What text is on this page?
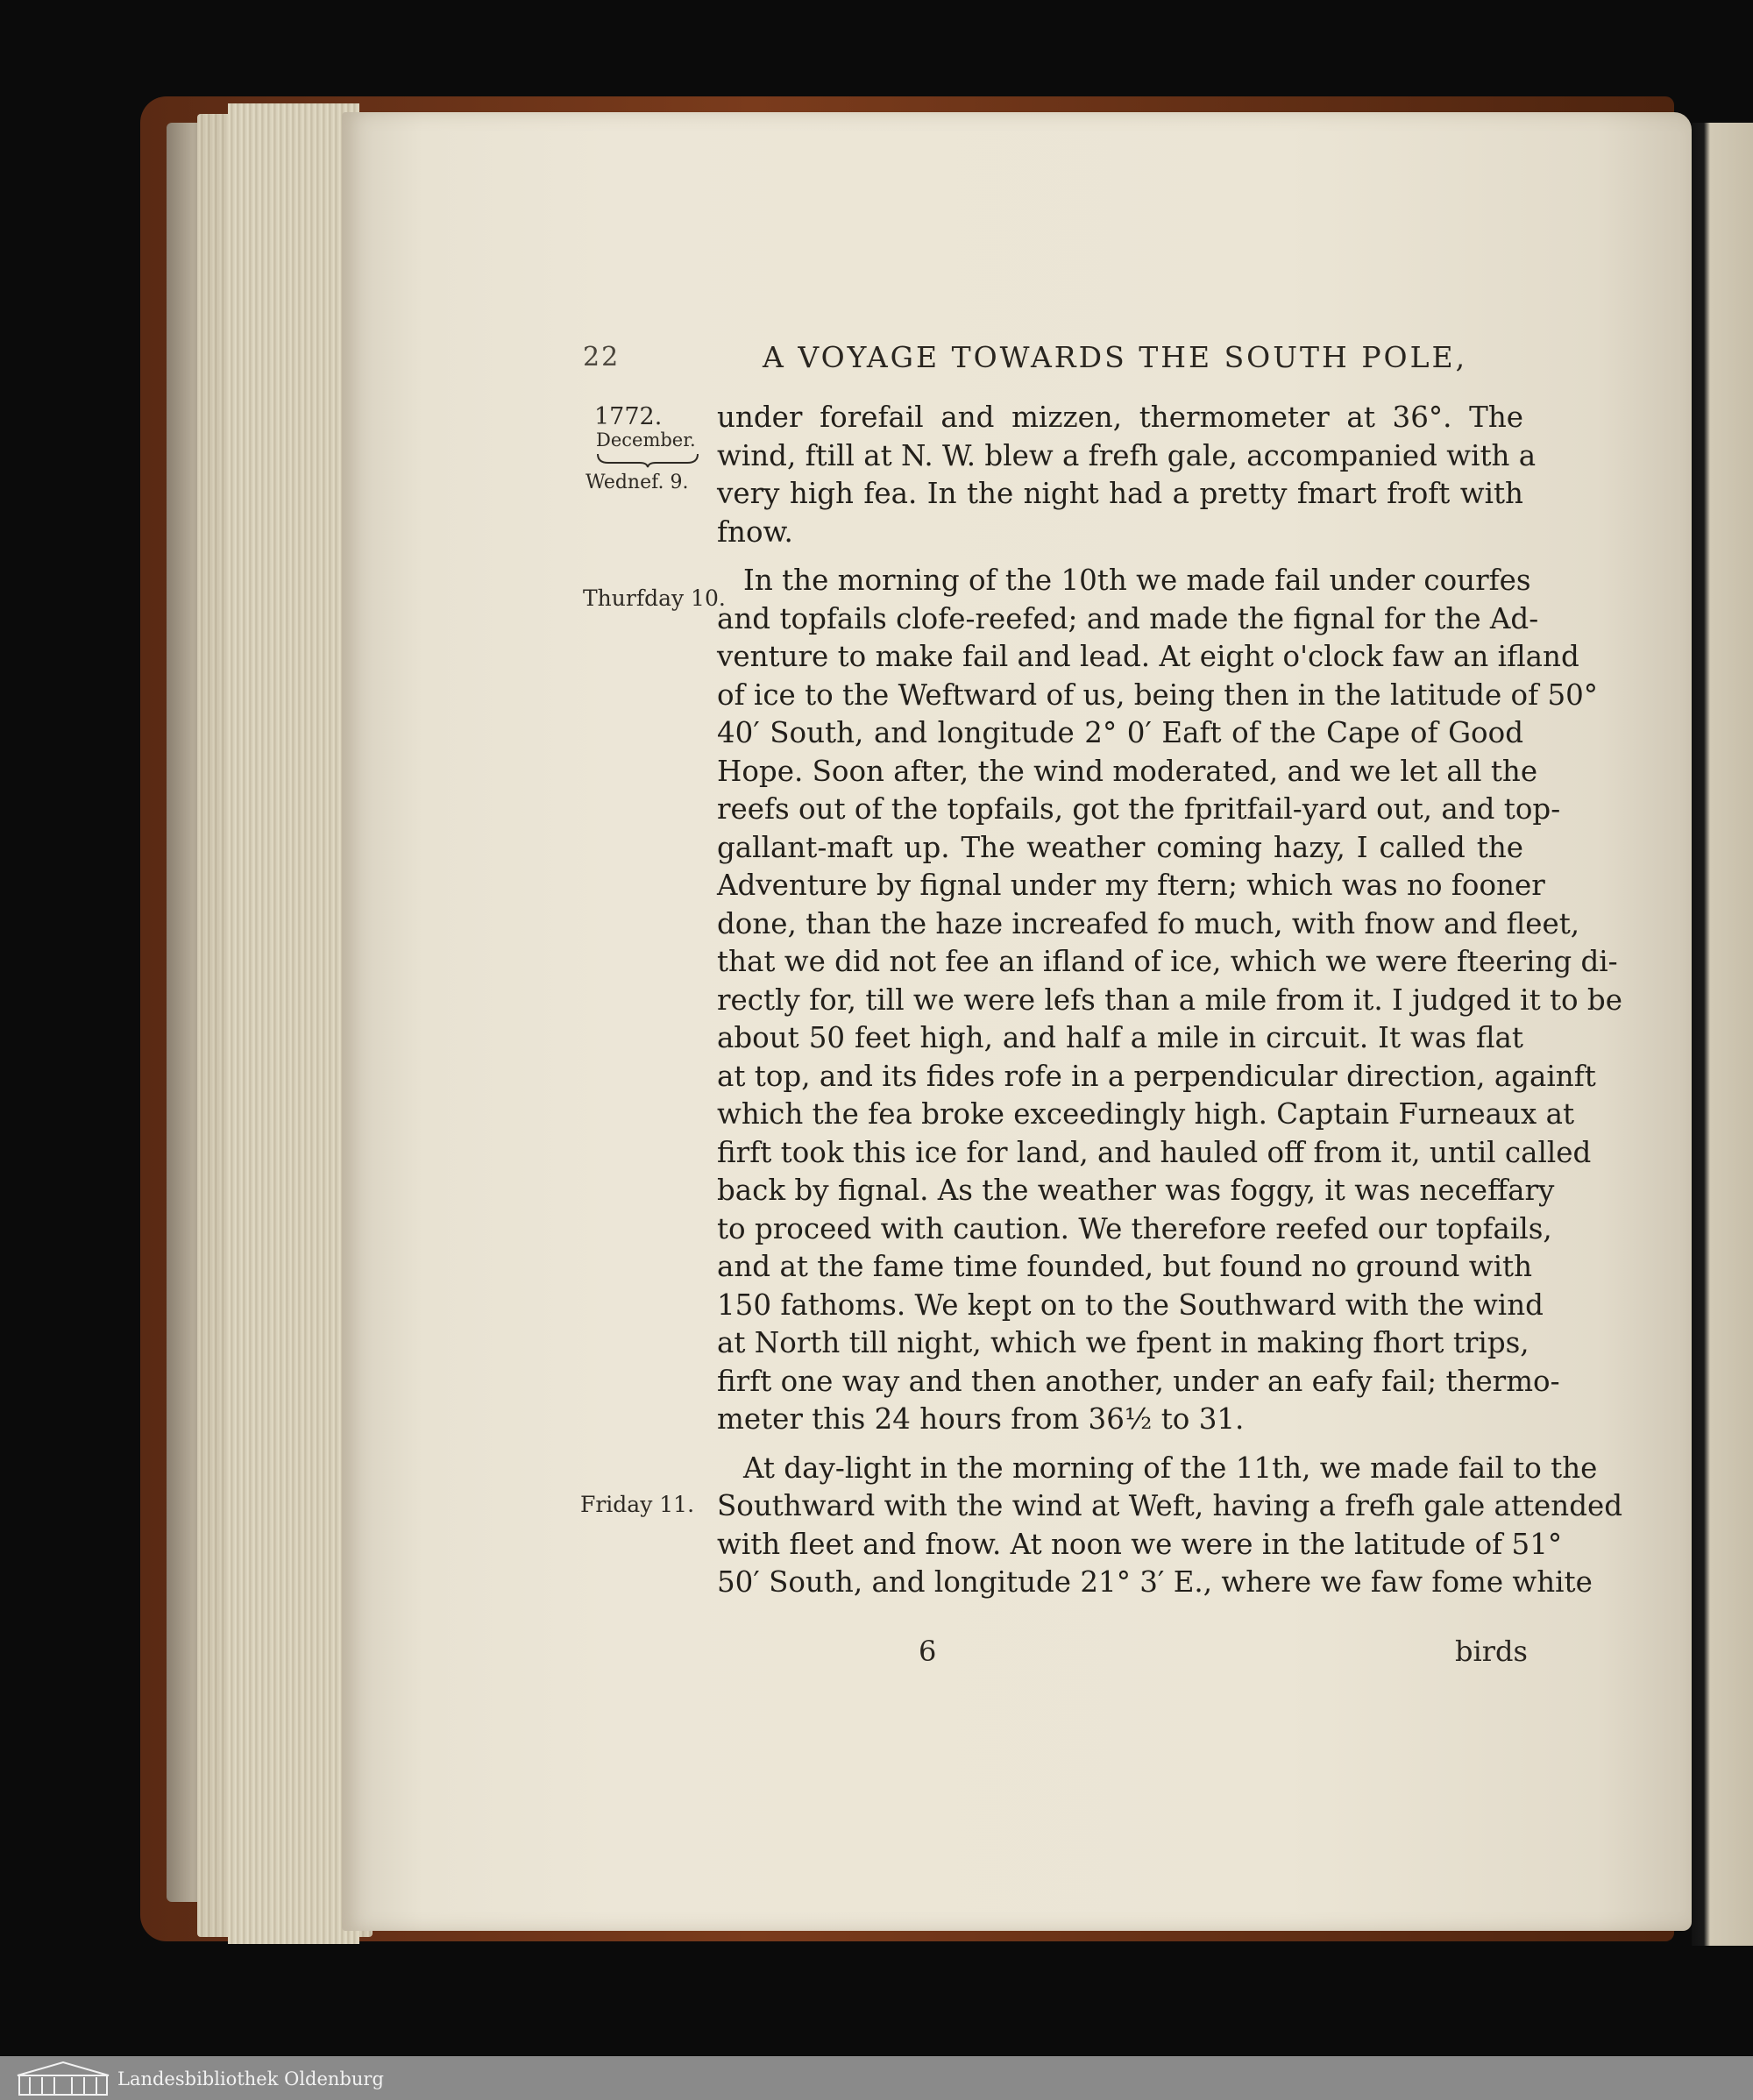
22	A VOYAGE TOWARDS THE SOUTH POLE,
1772.
December.
Wednef. 9.
Thurfday 10.
Friday 11.
under forefail and mizzen, thermometer at 36°. The
wind, ftill at N. W. blew a frefh gale, accompanied with a
very high fea. In the night had a pretty fmart froft with
fnow.
In the morning of the 10th we made fail under courfes
and topfails clofe-reefed; and made the fignal for the Ad-
venture to make fail and lead. At eight o'clock faw an ifland
of ice to the Weftward of us, being then in the latitude of 50°
40′ South, and longitude 2° 0′ Eaft of the Cape of Good
Hope. Soon after, the wind moderated, and we let all the
reefs out of the topfails, got the fpritfail-yard out, and top-
gallant-maft up. The weather coming hazy, I called the
Adventure by fignal under my ftern; which was no fooner
done, than the haze increafed fo much, with fnow and fleet,
that we did not fee an ifland of ice, which we were fteering di-
rectly for, till we were lefs than a mile from it. I judged it to be
about 50 feet high, and half a mile in circuit. It was flat
at top, and its fides rofe in a perpendicular direction, againft
which the fea broke exceedingly high. Captain Furneaux at
firft took this ice for land, and hauled off from it, until called
back by fignal. As the weather was foggy, it was neceffary
to proceed with caution. We therefore reefed our topfails,
and at the fame time founded, but found no ground with
150 fathoms. We kept on to the Southward with the wind
at North till night, which we fpent in making fhort trips,
firft one way and then another, under an eafy fail; thermo-
meter this 24 hours from 36½ to 31.
At day-light in the morning of the 11th, we made fail to the
Southward with the wind at Weft, having a frefh gale attended
with fleet and fnow. At noon we were in the latitude of 51°
50′ South, and longitude 21° 3′ E., where we faw fome white
6	birds
Landesbibliothek Oldenburg
